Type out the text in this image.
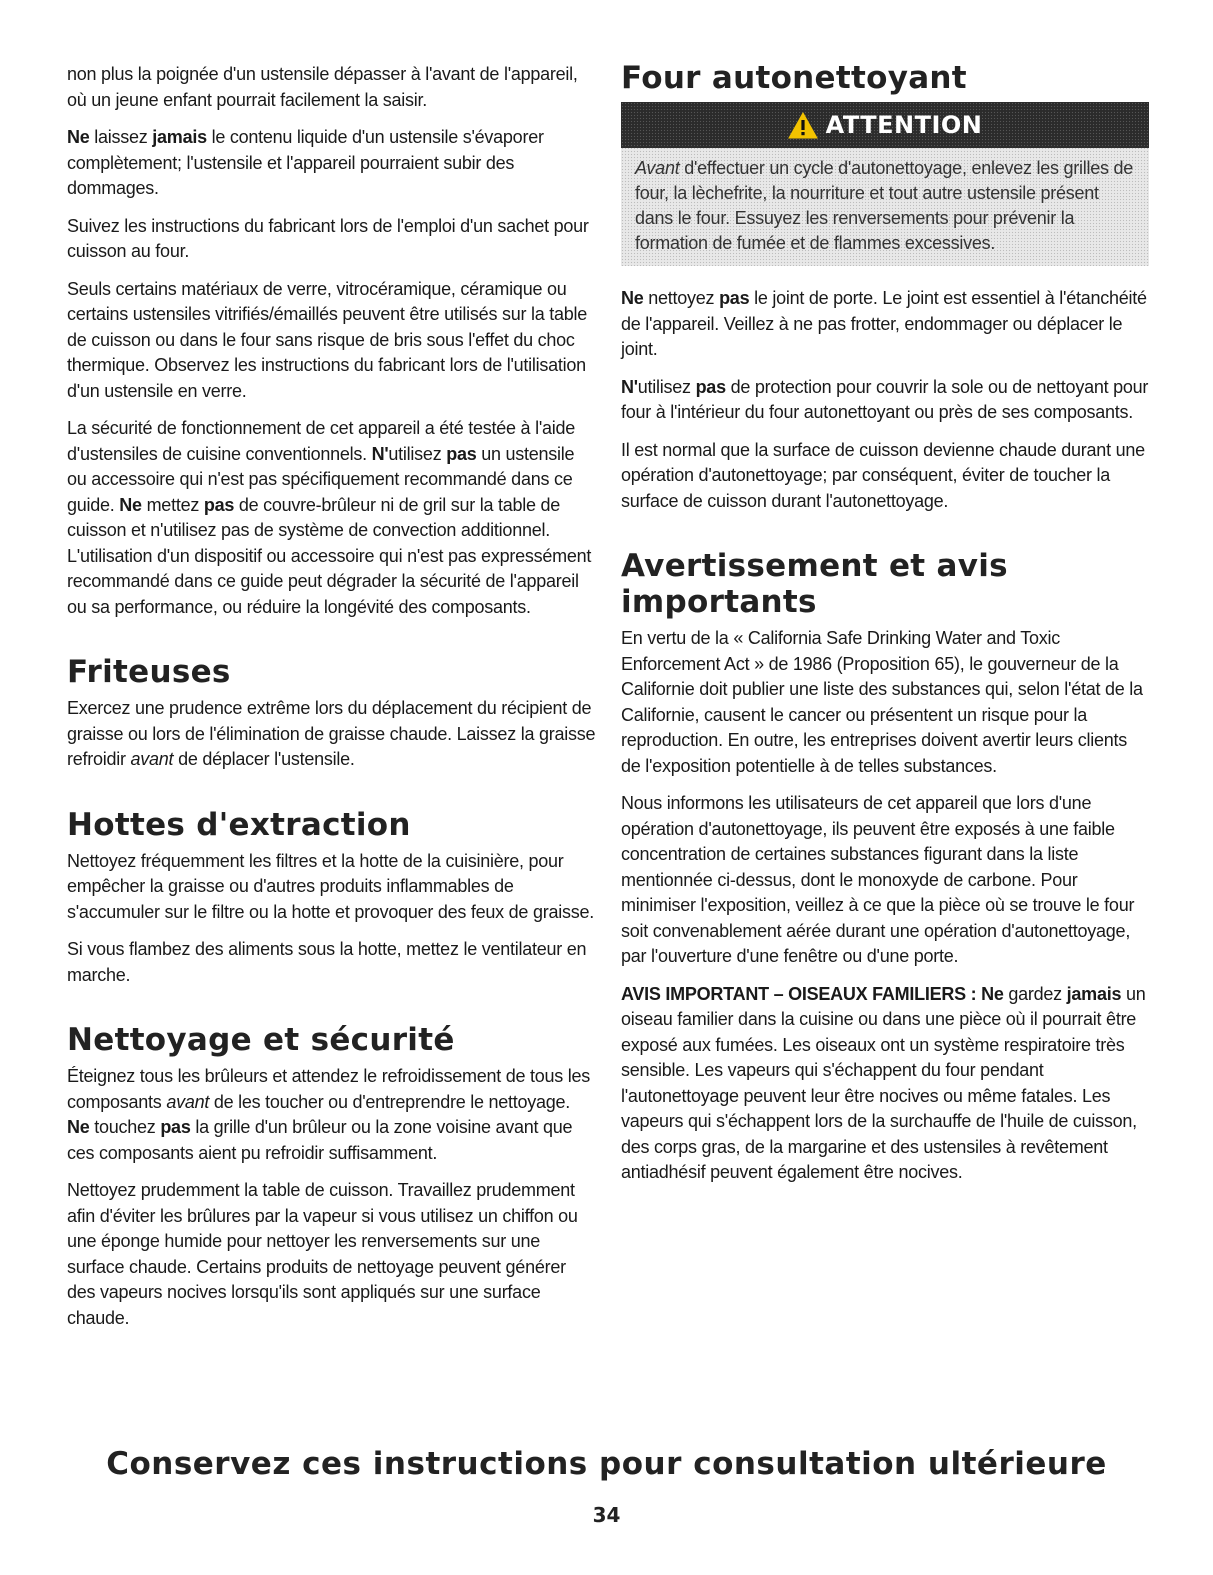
non plus la poignée d'un ustensile dépasser à l'avant de l'appareil, où un jeune enfant pourrait facilement la saisir.

Ne laissez jamais le contenu liquide d'un ustensile s'évaporer complètement; l'ustensile et l'appareil pourraient subir des dommages.

Suivez les instructions du fabricant lors de l'emploi d'un sachet pour cuisson au four.

Seuls certains matériaux de verre, vitrocéramique, céramique ou certains ustensiles vitrifiés/émaillés peuvent être utilisés sur la table de cuisson ou dans le four sans risque de bris sous l'effet du choc thermique. Observez les instructions du fabricant lors de l'utilisation d'un ustensile en verre.

La sécurité de fonctionnement de cet appareil a été testée à l'aide d'ustensiles de cuisine conventionnels. N'utilisez pas un ustensile ou accessoire qui n'est pas spécifiquement recommandé dans ce guide. Ne mettez pas de couvre-brûleur ni de gril sur la table de cuisson et n'utilisez pas de système de convection additionnel. L'utilisation d'un dispositif ou accessoire qui n'est pas expressément recommandé dans ce guide peut dégrader la sécurité de l'appareil ou sa performance, ou réduire la longévité des composants.

Friteuses

Exercez une prudence extrême lors du déplacement du récipient de graisse ou lors de l'élimination de graisse chaude. Laissez la graisse refroidir avant de déplacer l'ustensile.

Hottes d'extraction

Nettoyez fréquemment les filtres et la hotte de la cuisinière, pour empêcher la graisse ou d'autres produits inflammables de s'accumuler sur le filtre ou la hotte et provoquer des feux de graisse.

Si vous flambez des aliments sous la hotte, mettez le ventilateur en marche.

Nettoyage et sécurité

Éteignez tous les brûleurs et attendez le refroidissement de tous les composants avant de les toucher ou d'entreprendre le nettoyage. Ne touchez pas la grille d'un brûleur ou la zone voisine avant que ces composants aient pu refroidir suffisamment.

Nettoyez prudemment la table de cuisson. Travaillez prudemment afin d'éviter les brûlures par la vapeur si vous utilisez un chiffon ou une éponge humide pour nettoyer les renversements sur une surface chaude. Certains produits de nettoyage peuvent générer des vapeurs nocives lorsqu'ils sont appliqués sur une surface chaude.

Four autonettoyant
ATTENTION
Avant d'effectuer un cycle d'autonettoyage, enlevez les grilles de four, la lèchefrite, la nourriture et tout autre ustensile présent dans le four. Essuyez les renversements pour prévenir la formation de fumée et de flammes excessives.

Ne nettoyez pas le joint de porte. Le joint est essentiel à l'étanchéité de l'appareil. Veillez à ne pas frotter, endommager ou déplacer le joint.

N'utilisez pas de protection pour couvrir la sole ou de nettoyant pour four à l'intérieur du four autonettoyant ou près de ses composants.

Il est normal que la surface de cuisson devienne chaude durant une opération d'autonettoyage; par conséquent, éviter de toucher la surface de cuisson durant l'autonettoyage.

Avertissement et avis importants

En vertu de la « California Safe Drinking Water and Toxic Enforcement Act » de 1986 (Proposition 65), le gouverneur de la Californie doit publier une liste des substances qui, selon l'état de la Californie, causent le cancer ou présentent un risque pour la reproduction. En outre, les entreprises doivent avertir leurs clients de l'exposition potentielle à de telles substances.

Nous informons les utilisateurs de cet appareil que lors d'une opération d'autonettoyage, ils peuvent être exposés à une faible concentration de certaines substances figurant dans la liste mentionnée ci-dessus, dont le monoxyde de carbone. Pour minimiser l'exposition, veillez à ce que la pièce où se trouve le four soit convenablement aérée durant une opération d'autonettoyage, par l'ouverture d'une fenêtre ou d'une porte.

AVIS IMPORTANT – OISEAUX FAMILIERS : Ne gardez jamais un oiseau familier dans la cuisine ou dans une pièce où il pourrait être exposé aux fumées. Les oiseaux ont un système respiratoire très sensible. Les vapeurs qui s'échappent du four pendant l'autonettoyage peuvent leur être nocives ou même fatales. Les vapeurs qui s'échappent lors de la surchauffe de l'huile de cuisson, des corps gras, de la margarine et des ustensiles à revêtement antiadhésif peuvent également être nocives.

Conservez ces instructions pour consultation ultérieure
34
